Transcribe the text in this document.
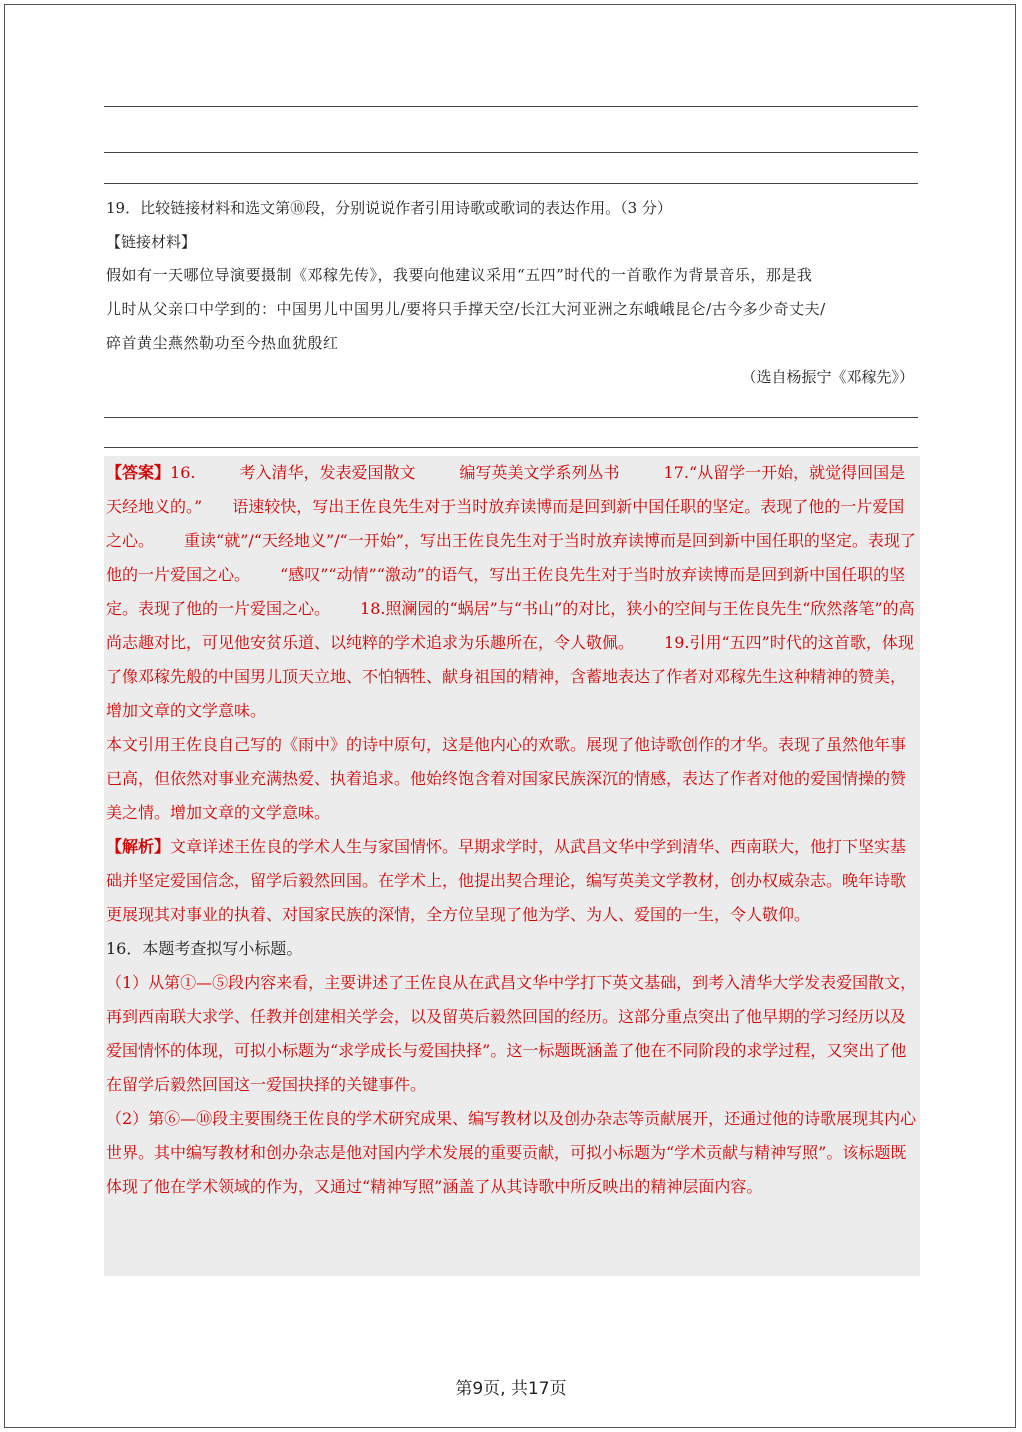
19．比较链接材料和选文第⑩段，分别说说作者引用诗歌或歌词的表达作用。（3 分）
【链接材料】
假如有一天哪位导演要摄制《邓稼先传》，我要向他建议采用“五四”时代的一首歌作为背景音乐，那是我
儿时从父亲口中学到的：中国男儿中国男儿/要将只手撑天空/长江大河亚洲之东峨峨昆仑/古今多少奇丈夫/
碎首黄尘燕然勒功至今热血犹殷红
（选自杨振宁《邓稼先》）

【答案】16.	考入清华，发表爱国散文	编写英美文学系列丛书	17.“从留学一开始，就觉得回国是天经地义的。” 语速较快，写出王佐良先生对于当时放弃读博而是回到新中国任职的坚定。表现了他的一片爱国之心。 重读“就”/“天经地义”/“一开始”，写出王佐良先生对于当时放弃读博而是回到新中国任职的坚定。表现了他的一片爱国之心。 “感叹”“动情”“激动”的语气，写出王佐良先生对于当时放弃读博而是回到新中国任职的坚定。表现了他的一片爱国之心。 18.照澜园的“蜗居”与“书山”的对比，狭小的空间与王佐良先生“欣然落笔”的高尚志趣对比，可见他安贫乐道、以纯粹的学术追求为乐趣所在，令人敬佩。 19.引用“五四”时代的这首歌，体现了像邓稼先般的中国男儿顶天立地、不怕牺牲、献身祖国的精神，含蓄地表达了作者对邓稼先生这种精神的赞美，增加文章的文学意味。

本文引用王佐良自己写的《雨中》的诗中原句，这是他内心的欢歌。展现了他诗歌创作的才华。表现了虽然他年事已高，但依然对事业充满热爱、执着追求。他始终饱含着对国家民族深沉的情感，表达了作者对他的爱国情操的赞美之情。增加文章的文学意味。

【解析】文章详述王佐良的学术人生与家国情怀。早期求学时，从武昌文华中学到清华、西南联大，他打下坚实基础并坚定爱国信念，留学后毅然回国。在学术上，他提出契合理论，编写英美文学教材，创办权威杂志。晚年诗歌更展现其对事业的执着、对国家民族的深情，全方位呈现了他为学、为人、爱国的一生，令人敬仰。

16．本题考查拟写小标题。

（1）从第①—⑤段内容来看，主要讲述了王佐良从在武昌文华中学打下英文基础，到考入清华大学发表爱国散文，再到西南联大求学、任教并创建相关学会，以及留英后毅然回国的经历。这部分重点突出了他早期的学习经历以及爱国情怀的体现，可拟小标题为“求学成长与爱国抉择”。这一标题既涵盖了他在不同阶段的求学过程，又突出了他在留学后毅然回国这一爱国抉择的关键事件。

（2）第⑥—⑩段主要围绕王佐良的学术研究成果、编写教材以及创办杂志等贡献展开，还通过他的诗歌展现其内心世界。其中编写教材和创办杂志是他对国内学术发展的重要贡献，可拟小标题为“学术贡献与精神写照”。该标题既体现了他在学术领域的作为，又通过“精神写照”涵盖了从其诗歌中所反映出的精神层面内容。

第9页, 共17页
